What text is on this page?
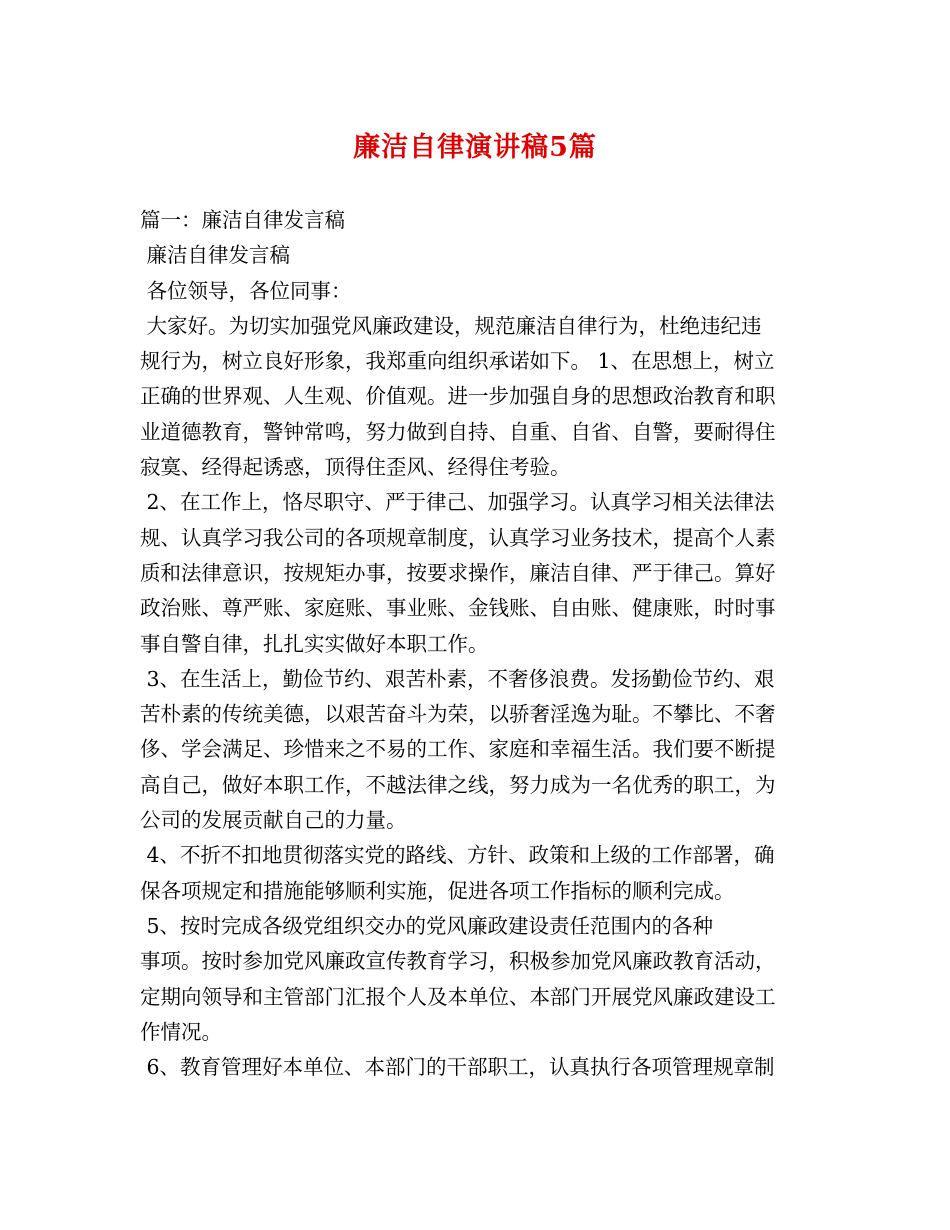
廉洁自律演讲稿5篇
篇一：廉洁自律发言稿
廉洁自律发言稿
各位领导，各位同事：
大家好。为切实加强党风廉政建设，规范廉洁自律行为，杜绝违纪违
规行为，树立良好形象，我郑重向组织承诺如下。 1、在思想上，树立
正确的世界观、人生观、价值观。进一步加强自身的思想政治教育和职
业道德教育，警钟常鸣，努力做到自持、自重、自省、自警，要耐得住
寂寞、经得起诱惑，顶得住歪风、经得住考验。
2、在工作上，恪尽职守、严于律己、加强学习。认真学习相关法律法
规、认真学习我公司的各项规章制度，认真学习业务技术，提高个人素
质和法律意识，按规矩办事，按要求操作，廉洁自律、严于律己。算好
政治账、尊严账、家庭账、事业账、金钱账、自由账、健康账，时时事
事自警自律，扎扎实实做好本职工作。
3、在生活上，勤俭节约、艰苦朴素，不奢侈浪费。发扬勤俭节约、艰
苦朴素的传统美德，以艰苦奋斗为荣，以骄奢淫逸为耻。不攀比、不奢
侈、学会满足、珍惜来之不易的工作、家庭和幸福生活。我们要不断提
高自己，做好本职工作，不越法律之线，努力成为一名优秀的职工，为
公司的发展贡献自己的力量。
4、不折不扣地贯彻落实党的路线、方针、政策和上级的工作部署，确
保各项规定和措施能够顺利实施，促进各项工作指标的顺利完成。
5、按时完成各级党组织交办的党风廉政建设责任范围内的各种
事项。按时参加党风廉政宣传教育学习，积极参加党风廉政教育活动，
定期向领导和主管部门汇报个人及本单位、本部门开展党风廉政建设工
作情况。
6、教育管理好本单位、本部门的干部职工，认真执行各项管理规章制
